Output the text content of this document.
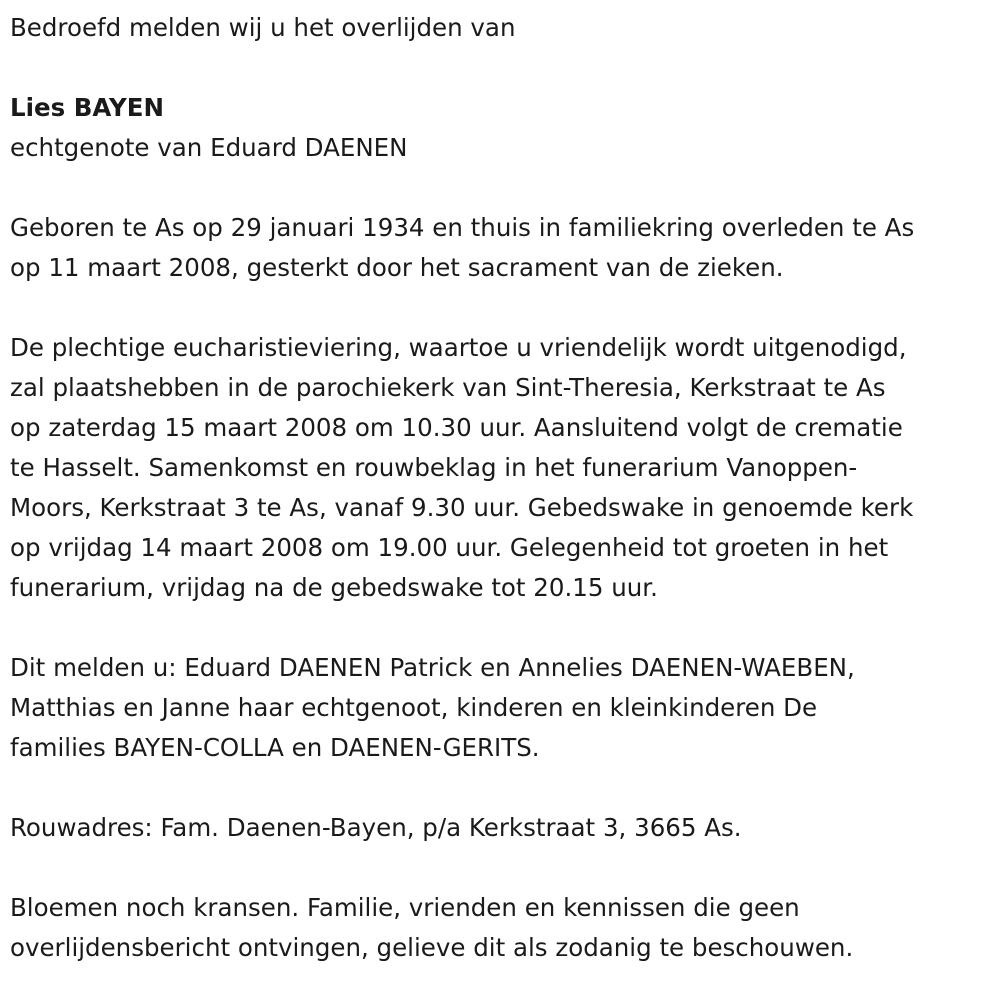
Bedroefd melden wij u het overlijden van

Lies BAYEN

echtgenote van Eduard DAENEN

Geboren te As op 29 januari 1934 en thuis in familiekring overleden te As

op 11 maart 2008, gesterkt door het sacrament van de zieken.

De plechtige eucharistieviering, waartoe u vriendelijk wordt uitgenodigd,

zal plaatshebben in de parochiekerk van Sint-Theresia, Kerkstraat te As

op zaterdag 15 maart 2008 om 10.30 uur. Aansluitend volgt de crematie

te Hasselt. Samenkomst en rouwbeklag in het funerarium Vanoppen-

Moors, Kerkstraat 3 te As, vanaf 9.30 uur. Gebedswake in genoemde kerk

op vrijdag 14 maart 2008 om 19.00 uur. Gelegenheid tot groeten in het

funerarium, vrijdag na de gebedswake tot 20.15 uur.

Dit melden u: Eduard DAENEN Patrick en Annelies DAENEN-WAEBEN,

Matthias en Janne haar echtgenoot, kinderen en kleinkinderen De

families BAYEN-COLLA en DAENEN-GERITS.

Rouwadres: Fam. Daenen-Bayen, p/a Kerkstraat 3, 3665 As.

Bloemen noch kransen. Familie, vrienden en kennissen die geen

overlijdensbericht ontvingen, gelieve dit als zodanig te beschouwen.
